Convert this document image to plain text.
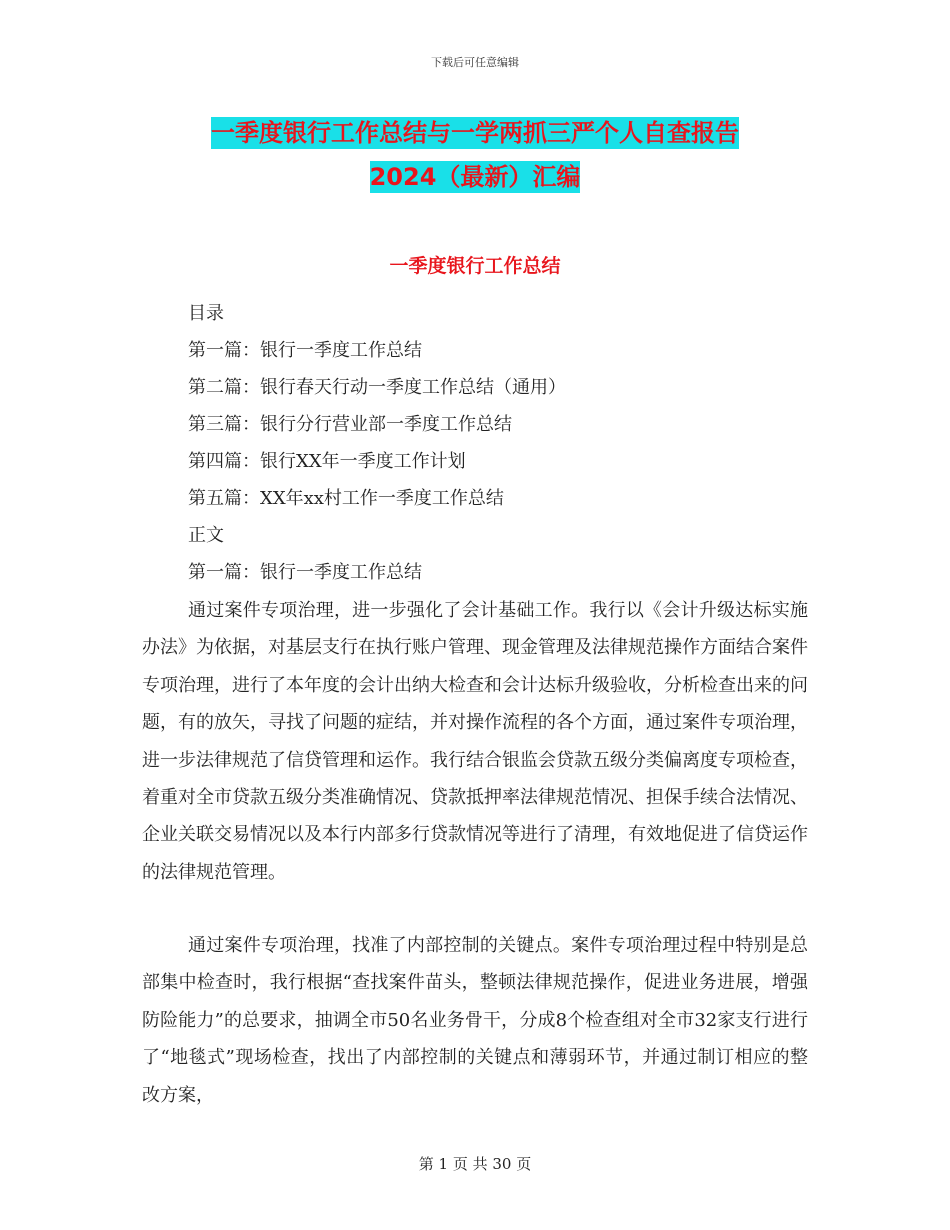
下载后可任意编辑
一季度银行工作总结与一学两抓三严个人自查报告
2024（最新）汇编
一季度银行工作总结
目录
第一篇：银行一季度工作总结
第二篇：银行春天行动一季度工作总结（通用）
第三篇：银行分行营业部一季度工作总结
第四篇：银行XX年一季度工作计划
第五篇：XX年xx村工作一季度工作总结
正文
第一篇：银行一季度工作总结
通过案件专项治理，进一步强化了会计基础工作。我行以《会计升级达标实施办法》为依据，对基层支行在执行账户管理、现金管理及法律规范操作方面结合案件专项治理，进行了本年度的会计出纳大检查和会计达标升级验收，分析检查出来的问题，有的放矢，寻找了问题的症结，并对操作流程的各个方面，通过案件专项治理，进一步法律规范了信贷管理和运作。我行结合银监会贷款五级分类偏离度专项检查，着重对全市贷款五级分类准确情况、贷款抵押率法律规范情况、担保手续合法情况、企业关联交易情况以及本行内部多行贷款情况等进行了清理，有效地促进了信贷运作的法律规范管理。
通过案件专项治理，找准了内部控制的关键点。案件专项治理过程中特别是总部集中检查时，我行根据“查找案件苗头，整顿法律规范操作，促进业务进展，增强防险能力”的总要求，抽调全市50名业务骨干，分成8个检查组对全市32家支行进行了“地毯式”现场检查，找出了内部控制的关键点和薄弱环节，并通过制订相应的整改方案，
第 1 页 共 30 页
